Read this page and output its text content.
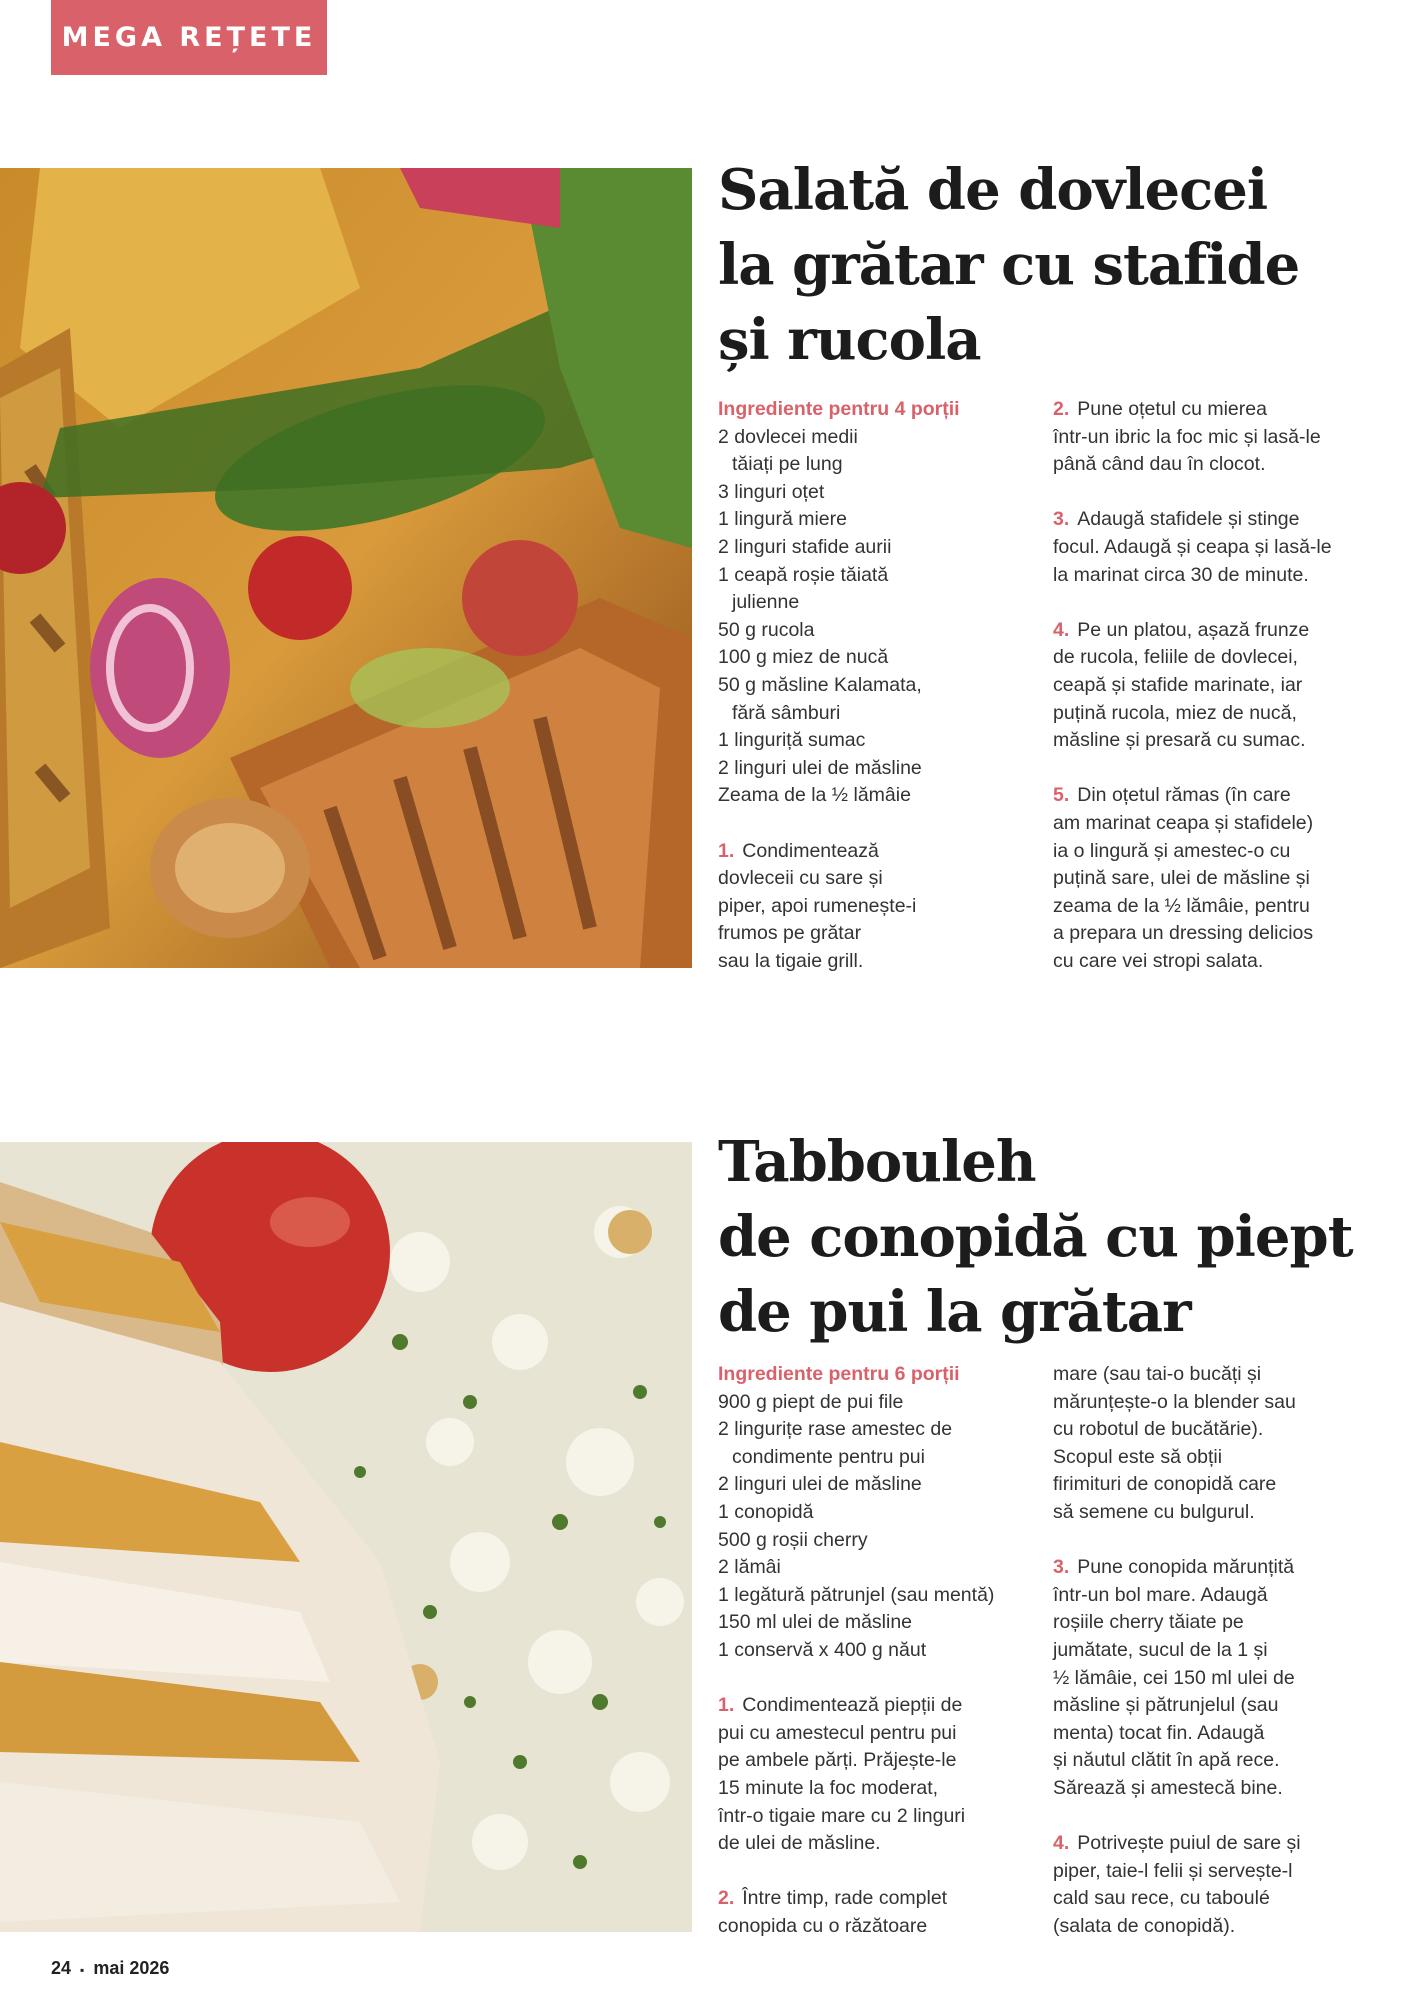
MEGA REȚETE
Salată de dovlecei
la grătar cu stafide
și rucola
Ingrediente pentru 4 porții
2 dovlecei medii
tăiați pe lung
3 linguri oțet
1 lingură miere
2 linguri stafide aurii
1 ceapă roșie tăiată
julienne
50 g rucola
100 g miez de nucă
50 g măsline Kalamata,
fără sâmburi
1 linguriță sumac
2 linguri ulei de măsline
Zeama de la ½ lămâie
1. Condimentează
dovleceii cu sare și
piper, apoi rumenește-i
frumos pe grătar
sau la tigaie grill.
2. Pune oțetul cu mierea
într-un ibric la foc mic și lasă-le
până când dau în clocot.
3. Adaugă stafidele și stinge
focul. Adaugă și ceapa și lasă-le
la marinat circa 30 de minute.
4. Pe un platou, așază frunze
de rucola, feliile de dovlecei,
ceapă și stafide marinate, iar
puțină rucola, miez de nucă,
măsline și presară cu sumac.
5. Din oțetul rămas (în care
am marinat ceapa și stafidele)
ia o lingură și amestec-o cu
puțină sare, ulei de măsline și
zeama de la ½ lămâie, pentru
a prepara un dressing delicios
cu care vei stropi salata.
Tabbouleh
de conopidă cu piept
de pui la grătar
Ingrediente pentru 6 porții
900 g piept de pui file
2 lingurițe rase amestec de
condimente pentru pui
2 linguri ulei de măsline
1 conopidă
500 g roșii cherry
2 lămâi
1 legătură pătrunjel (sau mentă)
150 ml ulei de măsline
1 conservă x 400 g năut
1. Condimentează piepții de
pui cu amestecul pentru pui
pe ambele părți. Prăjește-le
15 minute la foc moderat,
într-o tigaie mare cu 2 linguri
de ulei de măsline.
2. Între timp, rade complet
conopida cu o răzătoare
mare (sau tai-o bucăți și
mărunțește-o la blender sau
cu robotul de bucătărie).
Scopul este să obții
firimituri de conopidă care
să semene cu bulgurul.
3. Pune conopida mărunțită
într-un bol mare. Adaugă
roșiile cherry tăiate pe
jumătate, sucul de la 1 și
½ lămâie, cei 150 ml ulei de
măsline și pătrunjelul (sau
menta) tocat fin. Adaugă
și năutul clătit în apă rece.
Sărează și amestecă bine.
4. Potrivește puiul de sare și
piper, taie-l felii și servește-l
cald sau rece, cu taboulé
(salata de conopidă).
24 ▪ mai 2026
